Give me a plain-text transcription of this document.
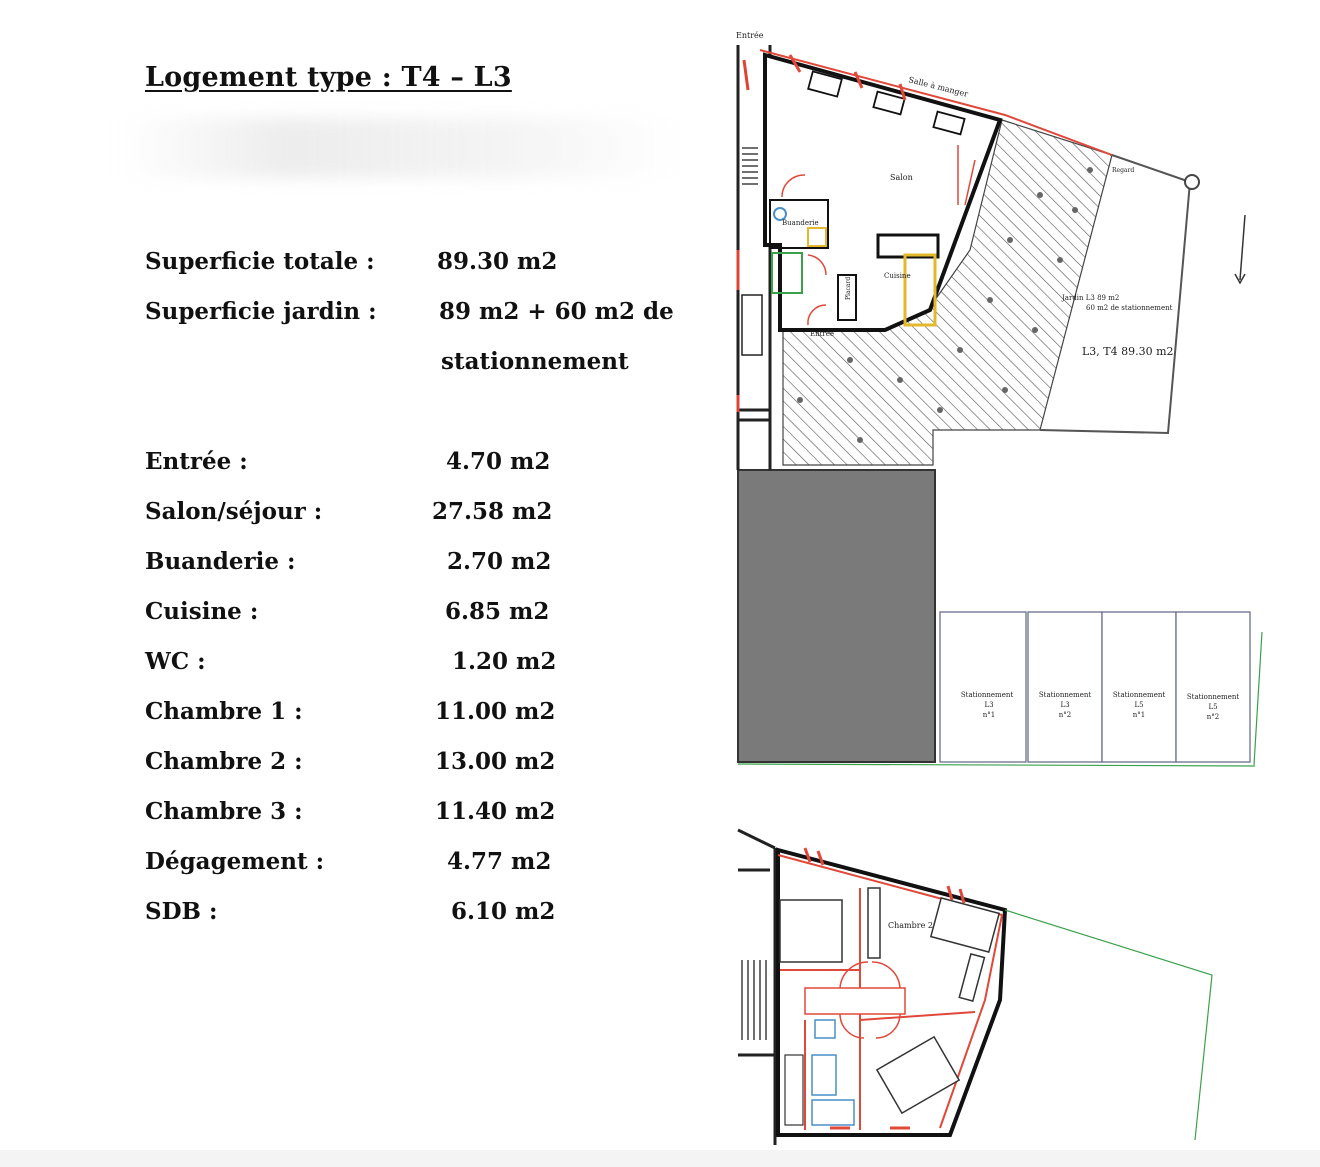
Logement type : T4 – L3
Superficie totale :	89.30 m2
Superficie jardin :	89 m2 + 60 m2 de
stationnement
Entrée :	4.70 m2
Salon/séjour :	27.58 m2
Buanderie :	2.70 m2
Cuisine :	6.85 m2
WC :	1.20 m2
Chambre 1 :	11.00 m2
Chambre 2 :	13.00 m2
Chambre 3 :	11.40 m2
Dégagement :	4.77 m2
SDB :	6.10 m2
Entrée
Salle à manger
Salon
Buanderie
Cuisine
Placard
Entrée
Regard
Jardin L3 89 m2
60 m2 de stationnement
L3, T4 89.30 m2
Stationnement
L3
n°1
Stationnement
L3
n°2
Stationnement
L5
n°1
Stationnement
L5
n°2
Chambre 2
